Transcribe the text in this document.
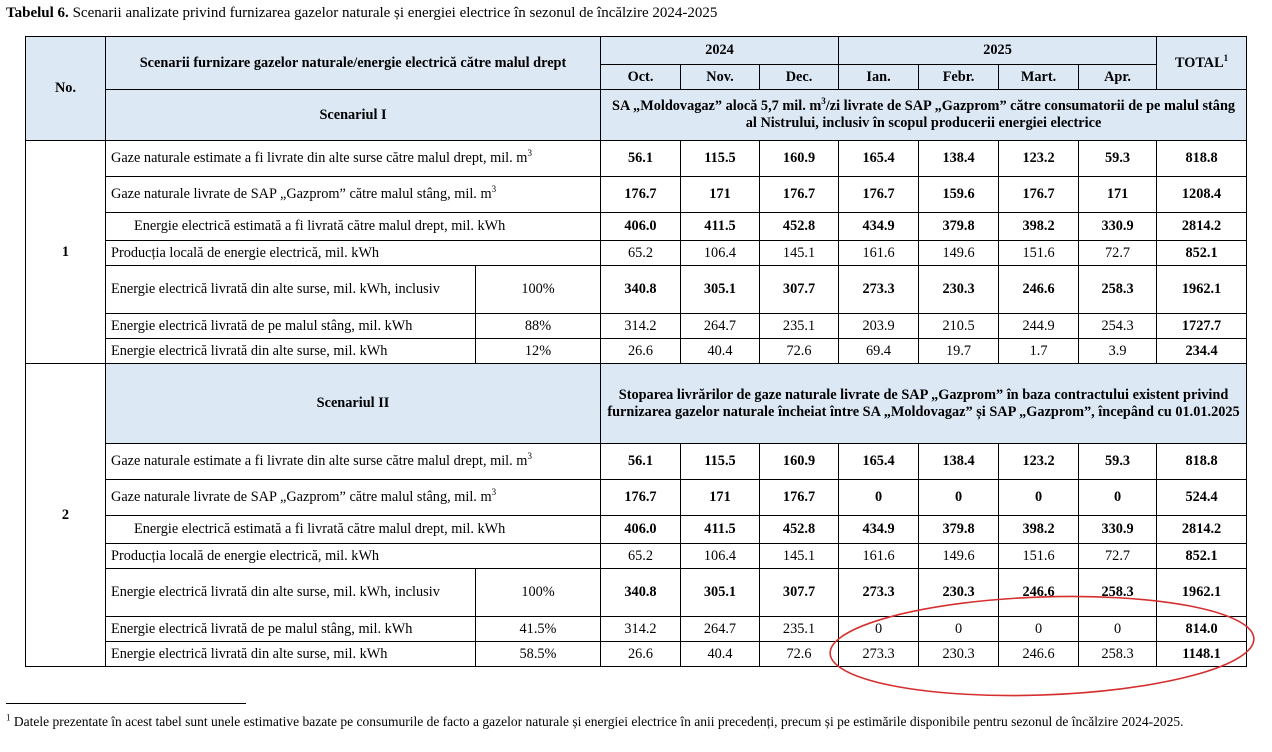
Tabelul 6. Scenarii analizate privind furnizarea gazelor naturale și energiei electrice în sezonul de încălzire 2024-2025
No.	Scenarii furnizare gazelor naturale/energie electrică către malul drept		2024			2025				TOTAL$^1$
			Oct.	Nov.	Dec.	Ian.	Febr.	Mart.	Apr.	
	Scenariul I		SA „Moldovagaz” alocă 5,7 mil. $m^3/zi$ livrate de SAP „Gazprom” către consumatorii de pe malul stâng al Nistrului, inclusiv în scopul producerii energiei electrice							
1	Gaze naturale estimate a fi livrate din alte surse către malul drept, mil. $m^3$		56.1	115.5	160.9	165.4	138.4	123.2	59.3	818.8
	Gaze naturale livrate de SAP „Gazprom” către malul stâng, mil. $m^3$		176.7	171	176.7	176.7	159.6	176.7	171	1208.4
	Energie electrică estimată a fi livrată către malul drept, mil. kWh		406.0	411.5	452.8	434.9	379.8	398.2	330.9	2814.2
	Producția locală de energie electrică, mil. kWh		65.2	106.4	145.1	161.6	149.6	151.6	72.7	852.1
	Energie electrică livrată din alte surse, mil. kWh, inclusiv	100%	340.8	305.1	307.7	273.3	230.3	246.6	258.3	1962.1
	Energie electrică livrată de pe malul stâng, mil. kWh	88%	314.2	264.7	235.1	203.9	210.5	244.9	254.3	1727.7
	Energie electrică livrată din alte surse, mil. kWh	12%	26.6	40.4	72.6	69.4	19.7	1.7	3.9	234.4
2	Scenariul II		Stoparea livrărilor de gaze naturale livrate de SAP „Gazprom” în baza contractului existent privind furnizarea gazelor naturale încheiat între SA „Moldovagaz” și SAP „Gazprom”, începând cu 01.01.2025							
	Gaze naturale estimate a fi livrate din alte surse către malul drept, mil. $m^3$		56.1	115.5	160.9	165.4	138.4	123.2	59.3	818.8
	Gaze naturale livrate de SAP „Gazprom” către malul stâng, mil. $m^3$		176.7	171	176.7	0	0	0	0	524.4
	Energie electrică estimată a fi livrată către malul drept, mil. kWh		406.0	411.5	452.8	434.9	379.8	398.2	330.9	2814.2
	Producția locală de energie electrică, mil. kWh		65.2	106.4	145.1	161.6	149.6	151.6	72.7	852.1
	Energie electrică livrată din alte surse, mil. kWh, inclusiv	100%	340.8	305.1	307.7	273.3	230.3	246.6	258.3	1962.1
	Energie electrică livrată de pe malul stâng, mil. kWh	41.5%	314.2	264.7	235.1	0	0	0	0	814.0
	Energie electrică livrată din alte surse, mil. kWh	58.5%	26.6	40.4	72.6	273.3	230.3	246.6	258.3	1148.1
$^1$ Datele prezentate în acest tabel sunt unele estimative bazate pe consumurile de facto a gazelor naturale și energiei electrice în anii precedenți, precum și pe estimările disponibile pentru sezonul de încălzire 2024-2025.
